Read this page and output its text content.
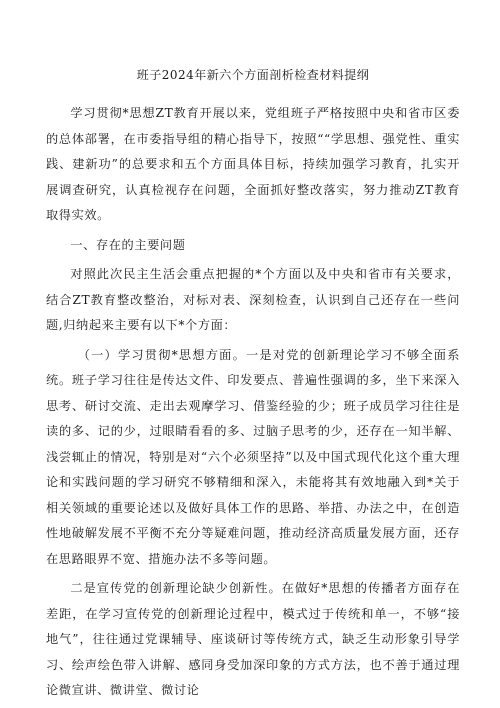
班子2024年新六个方面剖析检查材料提纲

学习贯彻*思想ZT教育开展以来，党组班子严格按照中央和省市区委的总体部署，在市委指导组的精心指导下，按照““学思想、强党性、重实践、建新功”的总要求和五个方面具体目标，持续加强学习教育，扎实开展调查研究，认真检视存在问题，全面抓好整改落实，努力推动ZT教育取得实效。

一、存在的主要问题

对照此次民主生活会重点把握的*个方面以及中央和省市有关要求，结合ZT教育整改整治，对标对表、深刻检查，认识到自己还存在一些问题,归纳起来主要有以下*个方面：

（一）学习贯彻*思想方面。一是对党的创新理论学习不够全面系统。班子学习往往是传达文件、印发要点、普遍性强调的多，坐下来深入思考、研讨交流、走出去观摩学习、借鉴经验的少；班子成员学习往往是读的多、记的少，过眼睛看看的多、过脑子思考的少，还存在一知半解、浅尝辄止的情况，特别是对“六个必须坚持”以及中国式现代化这个重大理论和实践问题的学习研究不够精细和深入，未能将其有效地融入到*关于相关领域的重要论述以及做好具体工作的思路、举措、办法之中，在创造性地破解发展不平衡不充分等疑难问题，推动经济高质量发展方面，还存在思路眼界不宽、措施办法不多等问题。

二是宣传党的创新理论缺少创新性。在做好*思想的传播者方面存在差距，在学习宣传党的创新理论过程中，模式过于传统和单一，不够“接地气”，往往通过党课辅导、座谈研讨等传统方式，缺乏生动形象引导学习、绘声绘色带入讲解、感同身受加深印象的方式方法，也不善于通过理论微宣讲、微讲堂、微讨论
